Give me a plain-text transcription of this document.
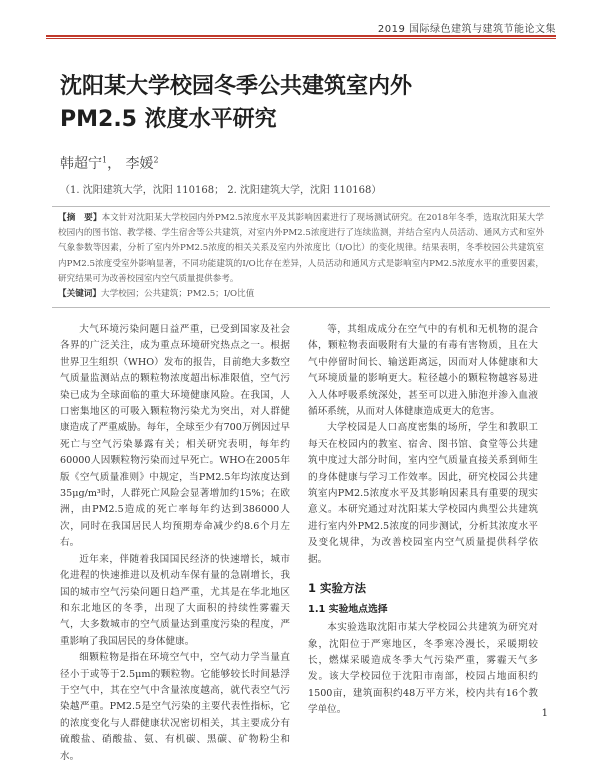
2019 国际绿色建筑与建筑节能论文集
沈阳某大学校园冬季公共建筑室内外
PM2.5 浓度水平研究
韩超宁$^1$， 李媛$^2$
（1. 沈阳建筑大学，沈阳 110168； 2. 沈阳建筑大学，沈阳 110168）

【摘　要】本文针对沈阳某大学校园内外PM2.5浓度水平及其影响因素进行了现场测试研究。在2018年冬季，选取沈阳某大学校园内的图书馆、教学楼、学生宿舍等公共建筑，对室内外PM2.5浓度进行了连续监测，并结合室内人员活动、通风方式和室外气象参数等因素，分析了室内外PM2.5浓度的相关关系及室内外浓度比（I/O比）的变化规律。结果表明，冬季校园公共建筑室内PM2.5浓度受室外影响显著，不同功能建筑的I/O比存在差异，人员活动和通风方式是影响室内PM2.5浓度水平的重要因素，研究结果可为改善校园室内空气质量提供参考。

【关键词】大学校园；公共建筑；PM2.5；I/O比值

大气环境污染问题日益严重，已受到国家及社会各界的广泛关注，成为重点环境研究热点之一。根据世界卫生组织（WHO）发布的报告，目前绝大多数空气质量监测站点的颗粒物浓度超出标准限值，空气污染已成为全球面临的重大环境健康风险。在我国，人口密集地区的可吸入颗粒物污染尤为突出，对人群健康造成了严重威胁。每年，全球至少有700万例因过早死亡与空气污染暴露有关；相关研究表明，每年约60000人因颗粒物污染而过早死亡。WHO在2005年版《空气质量准则》中规定，当PM2.5年均浓度达到35μg/m³时，人群死亡风险会显著增加约15%；在欧洲，由PM2.5造成的死亡率每年约达到386000人次，同时在我国居民人均预期寿命减少约8.6个月左右。

近年来，伴随着我国国民经济的快速增长，城市化进程的快速推进以及机动车保有量的急剧增长，我国的城市空气污染问题日趋严重，尤其是在华北地区和东北地区的冬季，出现了大面积的持续性雾霾天气，大多数城市的空气质量达到重度污染的程度，严重影响了我国居民的身体健康。

细颗粒物是指在环境空气中，空气动力学当量直径小于或等于2.5μm的颗粒物。它能够较长时间悬浮于空气中，其在空气中含量浓度越高，就代表空气污染越严重。PM2.5是空气污染的主要代表性指标，它的浓度变化与人群健康状况密切相关，其主要成分有硫酸盐、硝酸盐、氨、有机碳、黑碳、矿物粉尘和水。

等，其组成成分在空气中的有机和无机物的混合体，颗粒物表面吸附有大量的有毒有害物质，且在大气中停留时间长、输送距离远，因而对人体健康和大气环境质量的影响更大。粒径越小的颗粒物越容易进入人体呼吸系统深处，甚至可以进入肺泡并渗入血液循环系统，从而对人体健康造成更大的危害。

大学校园是人口高度密集的场所，学生和教职工每天在校园内的教室、宿舍、图书馆、食堂等公共建筑中度过大部分时间，室内空气质量直接关系到师生的身体健康与学习工作效率。因此，研究校园公共建筑室内PM2.5浓度水平及其影响因素具有重要的现实意义。本研究通过对沈阳某大学校园内典型公共建筑进行室内外PM2.5浓度的同步测试，分析其浓度水平及变化规律，为改善校园室内空气质量提供科学依据。

1 实验方法
1.1 实验地点选择

本实验选取沈阳市某大学校园公共建筑为研究对象，沈阳位于严寒地区，冬季寒冷漫长，采暖期较长，燃煤采暖造成冬季大气污染严重，雾霾天气多发。该大学校园位于沈阳市南部，校园占地面积约1500亩，建筑面积约48万平方米，校内共有16个教学单位。	1
